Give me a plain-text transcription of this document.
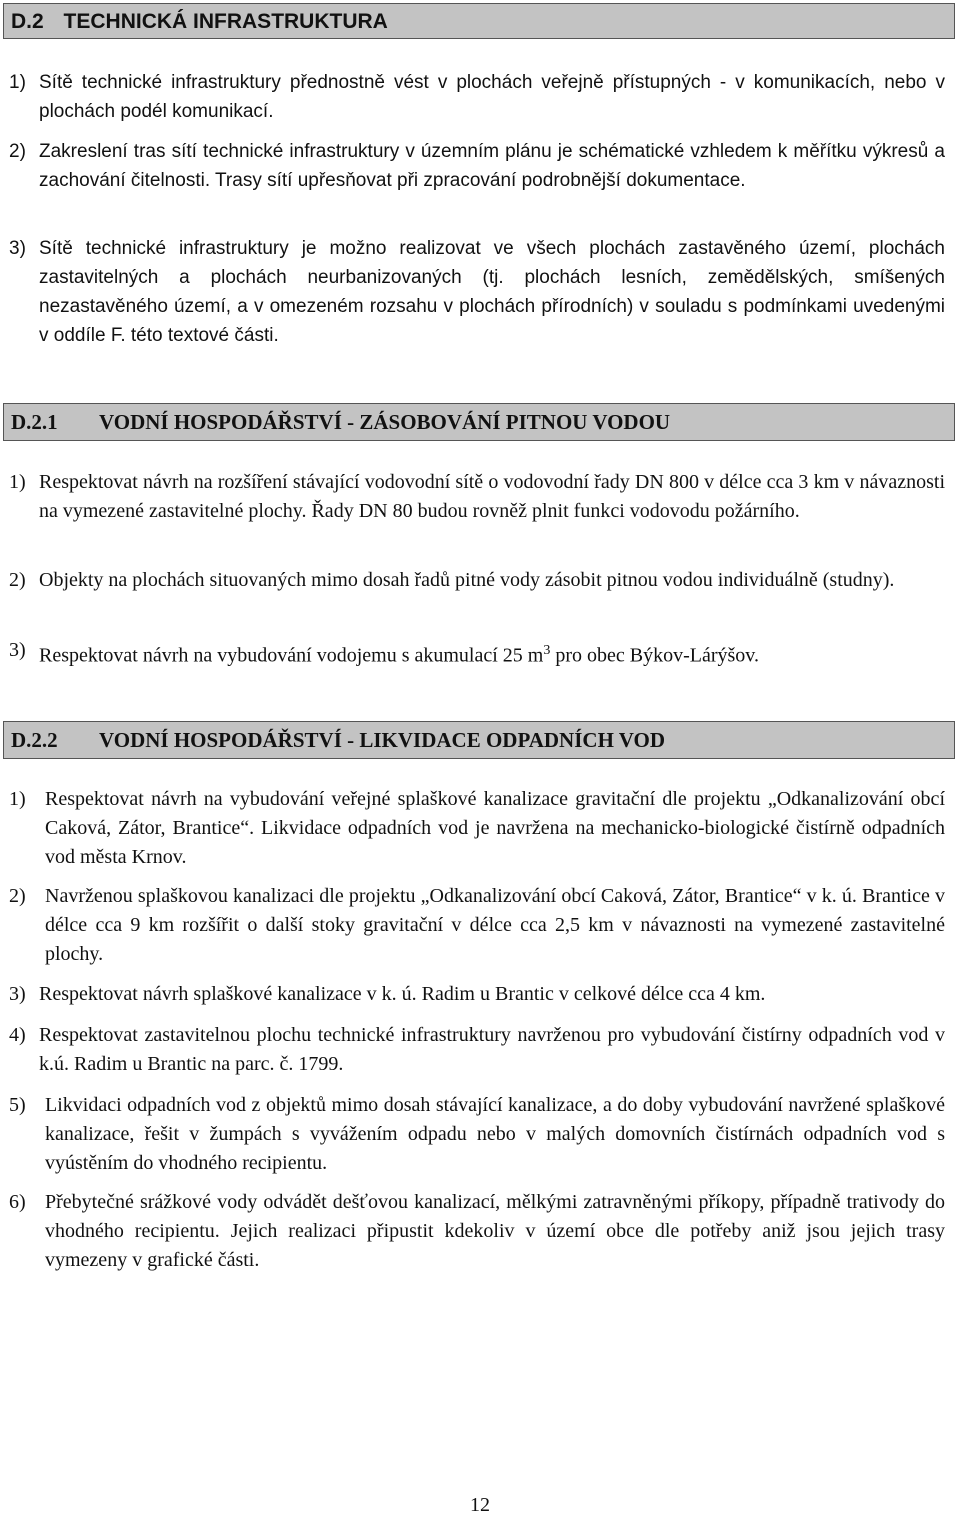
D.2 TECHNICKÁ INFRASTRUKTURA
1) Sítě technické infrastruktury přednostně vést v plochách veřejně přístupných - v komunikacích, nebo v plochách podél komunikací.
2) Zakreslení tras sítí technické infrastruktury v územním plánu je schématické vzhledem k měřítku výkresů a zachování čitelnosti. Trasy sítí upřesňovat při zpracování podrobnější dokumentace.
3) Sítě technické infrastruktury je možno realizovat ve všech plochách zastavěného území, plochách zastavitelných a plochách neurbanizovaných (tj. plochách lesních, zemědělských, smíšených nezastavěného území, a v omezeném rozsahu v plochách přírodních) v souladu s podmínkami uvedenými v oddíle F. této textové části.
D.2.1 VODNÍ HOSPODÁŘSTVÍ - ZÁSOBOVÁNÍ PITNOU VODOU
1) Respektovat návrh na rozšíření stávající vodovodní sítě o vodovodní řady DN 800 v délce cca 3 km v návaznosti na vymezené zastavitelné plochy. Řady DN 80 budou rovněž plnit funkci vodovodu požárního.
2) Objekty na plochách situovaných mimo dosah řadů pitné vody zásobit pitnou vodou individuálně (studny).
3) Respektovat návrh na vybudování vodojemu s akumulací 25 $m^3$ pro obec Býkov-Lárýšov.
D.2.2 VODNÍ HOSPODÁŘSTVÍ - LIKVIDACE ODPADNÍCH VOD
1) Respektovat návrh na vybudování veřejné splaškové kanalizace gravitační dle projektu „Odkanalizování obcí Caková, Zátor, Brantice“. Likvidace odpadních vod je navržena na mechanicko-biologické čistírně odpadních vod města Krnov.
2) Navrženou splaškovou kanalizaci dle projektu „Odkanalizování obcí Caková, Zátor, Brantice“ v k. ú. Brantice v délce cca 9 km rozšířit o další stoky gravitační v délce cca 2,5 km v návaznosti na vymezené zastavitelné plochy.
3) Respektovat návrh splaškové kanalizace v k. ú. Radim u Brantic v celkové délce cca 4 km.
4) Respektovat zastavitelnou plochu technické infrastruktury navrženou pro vybudování čistírny odpadních vod v k.ú. Radim u Brantic na parc. č. 1799.
5) Likvidaci odpadních vod z objektů mimo dosah stávající kanalizace, a do doby vybudování navržené splaškové kanalizace, řešit v žumpách s vyvážením odpadu nebo v malých domovních čistírnách odpadních vod s vyústěním do vhodného recipientu.
6) Přebytečné srážkové vody odvádět dešťovou kanalizací, mělkými zatravněnými příkopy, případně trativody do vhodného recipientu. Jejich realizaci připustit kdekoliv v území obce dle potřeby aniž jsou jejich trasy vymezeny v grafické části.
12
